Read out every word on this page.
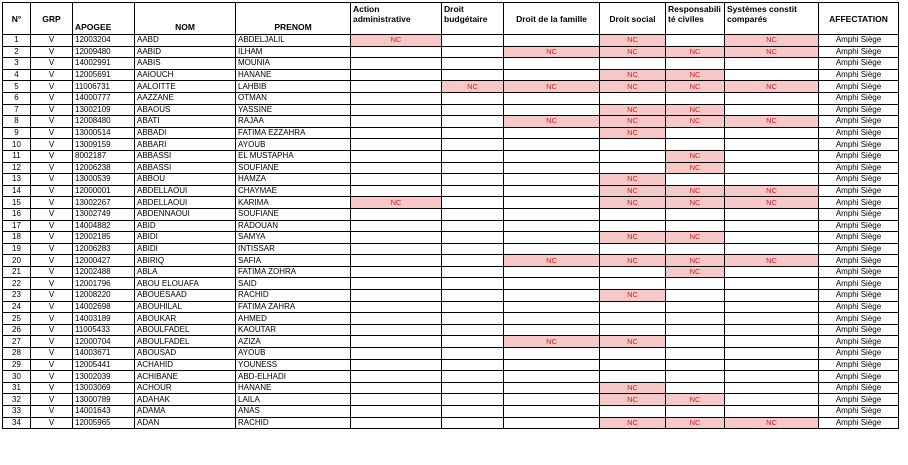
N°	GRP	APOGEE	NOM	PRENOM	Action administrative	Droit budgétaire	Droit de la famille	Droit social	Responsabili té civiles	Systèmes constit comparés	AFFECTATION
1	V	12003204	AABD	ABDELJALIL	NC			NC		NC	Amphi Siège
2	V	12009480	AABID	ILHAM			NC	NC	NC	NC	Amphi Siège
3	V	14002991	AABIS	MOUNIA							Amphi Siège
4	V	12005691	AAIOUCH	HANANE				NC	NC		Amphi Siège
5	V	11006731	AALOITTE	LAHBIB		NC	NC	NC	NC	NC	Amphi Siège
6	V	14000777	AAZZANE	OTMAN							Amphi Siège
7	V	13002109	ABAOUS	YASSINE				NC	NC		Amphi Siège
8	V	12008480	ABATI	RAJAA			NC	NC	NC	NC	Amphi Siège
9	V	13000514	ABBADI	FATIMA EZZAHRA				NC			Amphi Siège
10	V	13009159	ABBARI	AYOUB							Amphi Siège
11	V	8002187	ABBASSI	EL MUSTAPHA					NC		Amphi Siège
12	V	12006238	ABBASSI	SOUFIANE					NC		Amphi Siège
13	V	13000539	ABBOU	HAMZA				NC			Amphi Siège
14	V	12000001	ABDELLAOUI	CHAYMAE				NC	NC	NC	Amphi Siège
15	V	13002267	ABDELLAOUI	KARIMA	NC			NC	NC	NC	Amphi Siège
16	V	13002749	ABDENNAOUI	SOUFIANE							Amphi Siège
17	V	14004882	ABID	RADOUAN							Amphi Siège
18	V	12002185	ABIDI	SAMYA				NC	NC		Amphi Siège
19	V	12006283	ABIDI	INTISSAR							Amphi Siège
20	V	12000427	ABIRIQ	SAFIA			NC	NC	NC	NC	Amphi Siège
21	V	12002488	ABLA	FATIMA ZOHRA					NC		Amphi Siège
22	V	12001796	ABOU ELOUAFA	SAID							Amphi Siège
23	V	12008220	ABOUESAAD	RACHID				NC			Amphi Siège
24	V	14002698	ABOUHILAL	FATIMA ZAHRA							Amphi Siège
25	V	14003189	ABOUKAR	AHMED							Amphi Siège
26	V	11005433	ABOULFADEL	KAOUTAR							Amphi Siège
27	V	12000704	ABOULFADEL	AZIZA			NC	NC			Amphi Siège
28	V	14003671	ABOUSAD	AYOUB							Amphi Siège
29	V	12005441	ACHAHID	YOUNESS							Amphi Siège
30	V	13002039	ACHIBANE	ABD-ELHADI							Amphi Siège
31	V	13003069	ACHOUR	HANANE				NC			Amphi Siège
32	V	13000789	ADAHAK	LAILA				NC	NC		Amphi Siège
33	V	14001643	ADAMA	ANAS							Amphi Siège
34	V	12005965	ADAN	RACHID				NC	NC	NC	Amphi Siège
